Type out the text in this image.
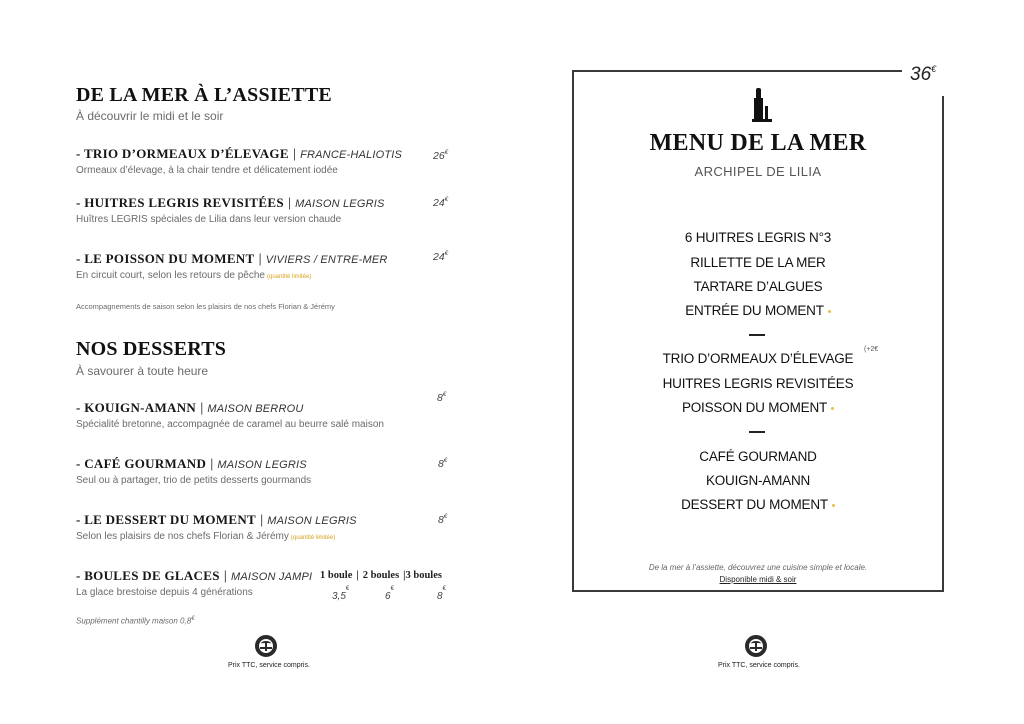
DE LA MER À L’ASSIETTE
À découvrir le midi et le soir
- TRIO D’ORMEAUX D’ÉLEVAGE | FRANCE-HALIOTIS
Ormeaux d’élevage, à la chair tendre et délicatement iodée
26€
- HUITRES LEGRIS REVISITÉES | MAISON LEGRIS
Huîtres LEGRIS spéciales de Lilia dans leur version chaude
24€
- LE POISSON DU MOMENT | VIVIERS / ENTRE-MER
En circuit court, selon les retours de pêche (quantité limitée)
24€
Accompagnements de saison selon les plaisirs de nos chefs Florian & Jérémy
NOS DESSERTS
À savourer à toute heure
- KOUIGN-AMANN | MAISON BERROU
Spécialité bretonne, accompagnée de caramel au beurre salé maison
8€
- CAFÉ GOURMAND | MAISON LEGRIS
Seul ou à partager, trio de petits desserts gourmands
8€
- LE DESSERT DU MOMENT | MAISON LEGRIS
Selon les plaisirs de nos chefs Florian & Jérémy (quantité limitée)
8€
- BOULES DE GLACES | MAISON JAMPI
La glace brestoise depuis 4 générations
1 boule | 2 boules |3 boules
3,5€
6€
8€
Supplément chantilly maison 0,8€
Prix TTC, service compris.
36€
MENU DE LA MER
ARCHIPEL DE LILIA
6 HUITRES LEGRIS N°3
RILLETTE DE LA MER
TARTARE D’ALGUES
ENTRÉE DU MOMENT
TRIO D’ORMEAUX D’ÉLEVAGE
(+2€
HUITRES LEGRIS REVISITÉES
POISSON DU MOMENT
CAFÉ GOURMAND
KOUIGN-AMANN
DESSERT DU MOMENT
De la mer à l’assiette, découvrez une cuisine simple et locale.
Disponible midi & soir
Prix TTC, service compris.
